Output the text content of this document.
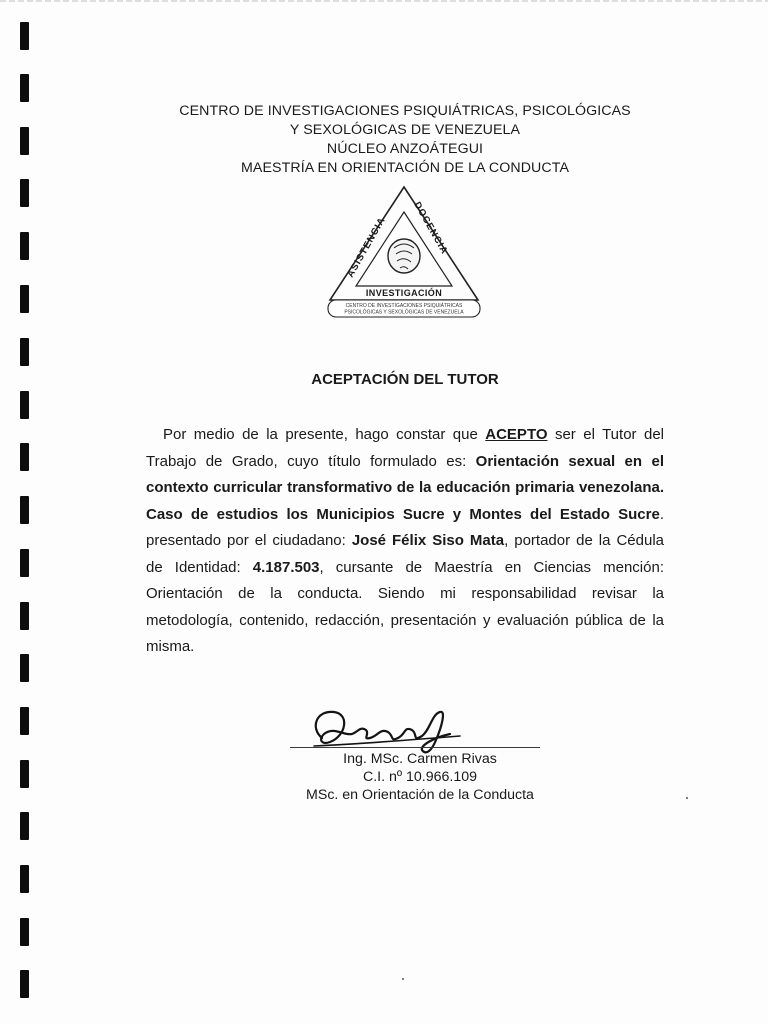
CENTRO DE INVESTIGACIONES PSIQUIÁTRICAS, PSICOLÓGICAS
Y SEXOLÓGICAS DE VENEZUELA
NÚCLEO ANZOÁTEGUI
MAESTRÍA EN ORIENTACIÓN DE LA CONDUCTA
ASISTENCIA
DOCENCIA
INVESTIGACIÓN
CENTRO DE INVESTIGACIONES PSIQUIÁTRICAS
PSICOLÓGICAS Y SEXOLÓGICAS DE VENEZUELA
ACEPTACIÓN DEL TUTOR
Por medio de la presente, hago constar que ACEPTO ser el Tutor del Trabajo de Grado, cuyo título formulado es: Orientación sexual en el contexto curricular transformativo de la educación primaria venezolana. Caso de estudios los Municipios Sucre y Montes del Estado Sucre. presentado por el ciudadano: José Félix Siso Mata, portador de la Cédula de Identidad: 4.187.503, cursante de Maestría en Ciencias mención: Orientación de la conducta. Siendo mi responsabilidad revisar la metodología, contenido, redacción, presentación y evaluación pública de la misma.
Ing. MSc. Carmen Rivas
C.I. nº 10.966.109
MSc. en Orientación de la Conducta
